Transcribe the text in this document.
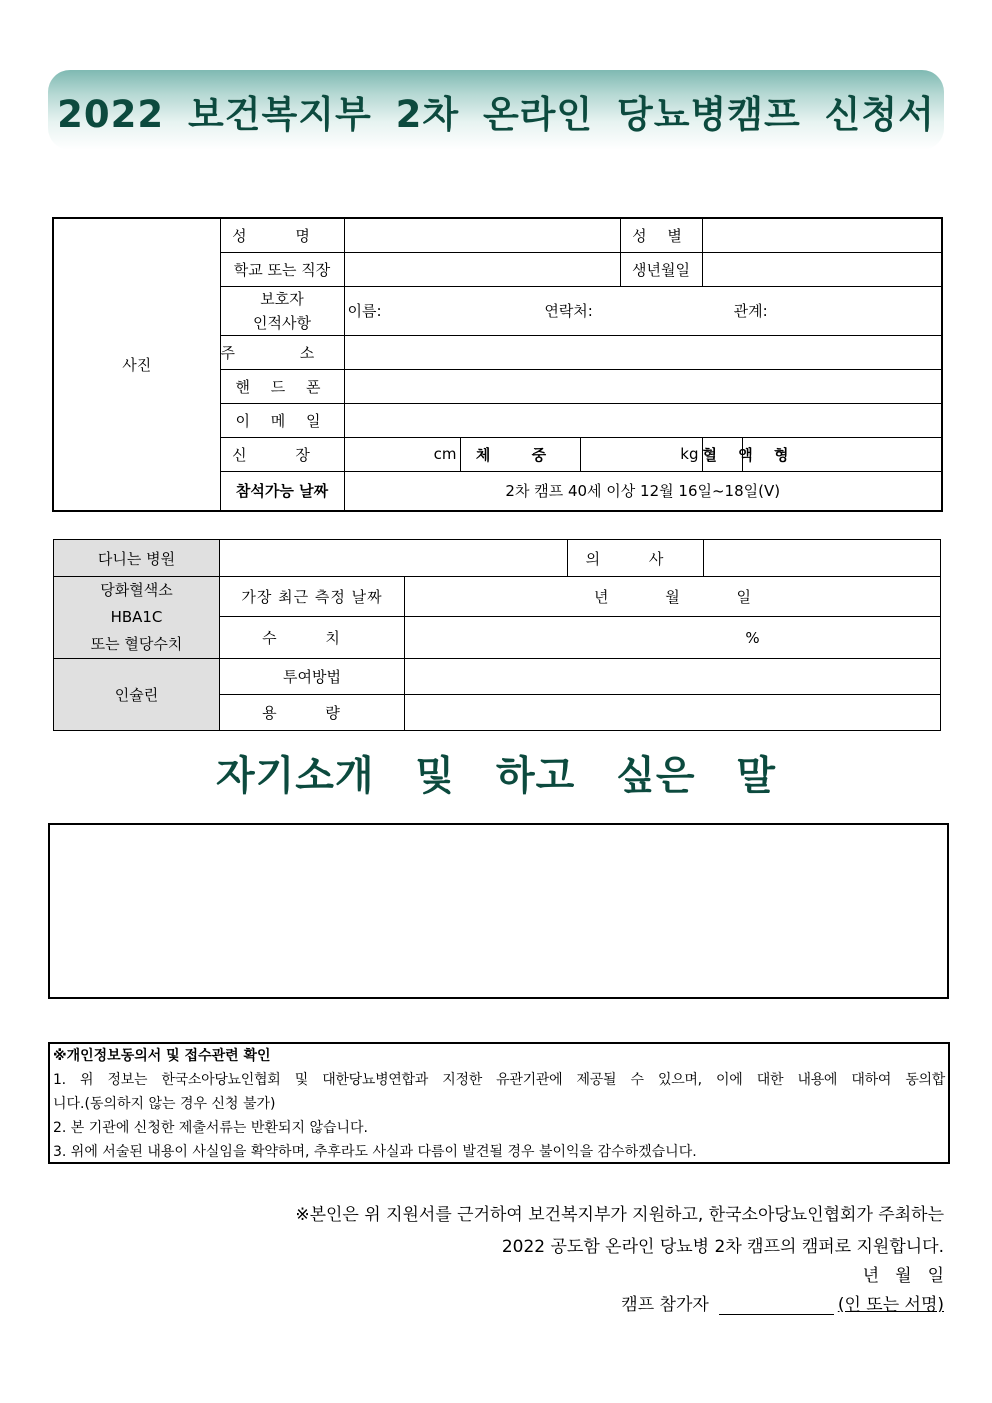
2022 보건복지부 2차 온라인 당뇨병캠프 신청서
사진	성 명				성 별		
	학교 또는 직장				생년월일		

	보호자
인적사항	이름: 연락처: 관계:					
	주 소						
	핸 드 폰						
	이 메 일						
	신 장	cm	체 중	kg		혈 액 형	
	참석가능 날짜	2차 캠프 40세 이상 12월 16일~18일(V)					
다니는 병원			의 사	

당화혈색소
HBA1C
또는 혈당수치	가장 최근 측정 날짜	년 월 일		
	수 치	%		
인슐린	투여방법			
	용 량			
자기소개 및 하고 싶은 말
※개인정보동의서 및 접수관련 확인
1. 위 정보는 한국소아당뇨인협회 및 대한당뇨병연합과 지정한 유관기관에 제공될 수 있으며, 이에 대한 내용에 대하여 동의합
니다.(동의하지 않는 경우 신청 불가)
2. 본 기관에 신청한 제출서류는 반환되지 않습니다.
3. 위에 서술된 내용이 사실임을 확약하며, 추후라도 사실과 다름이 발견될 경우 불이익을 감수하겠습니다.
※본인은 위 지원서를 근거하여 보건복지부가 지원하고, 한국소아당뇨인협회가 주최하는
2022 공도함 온라인 당뇨병 2차 캠프의 캠퍼로 지원합니다.
년 월 일
캠프 참가자	(인 또는 서명)
